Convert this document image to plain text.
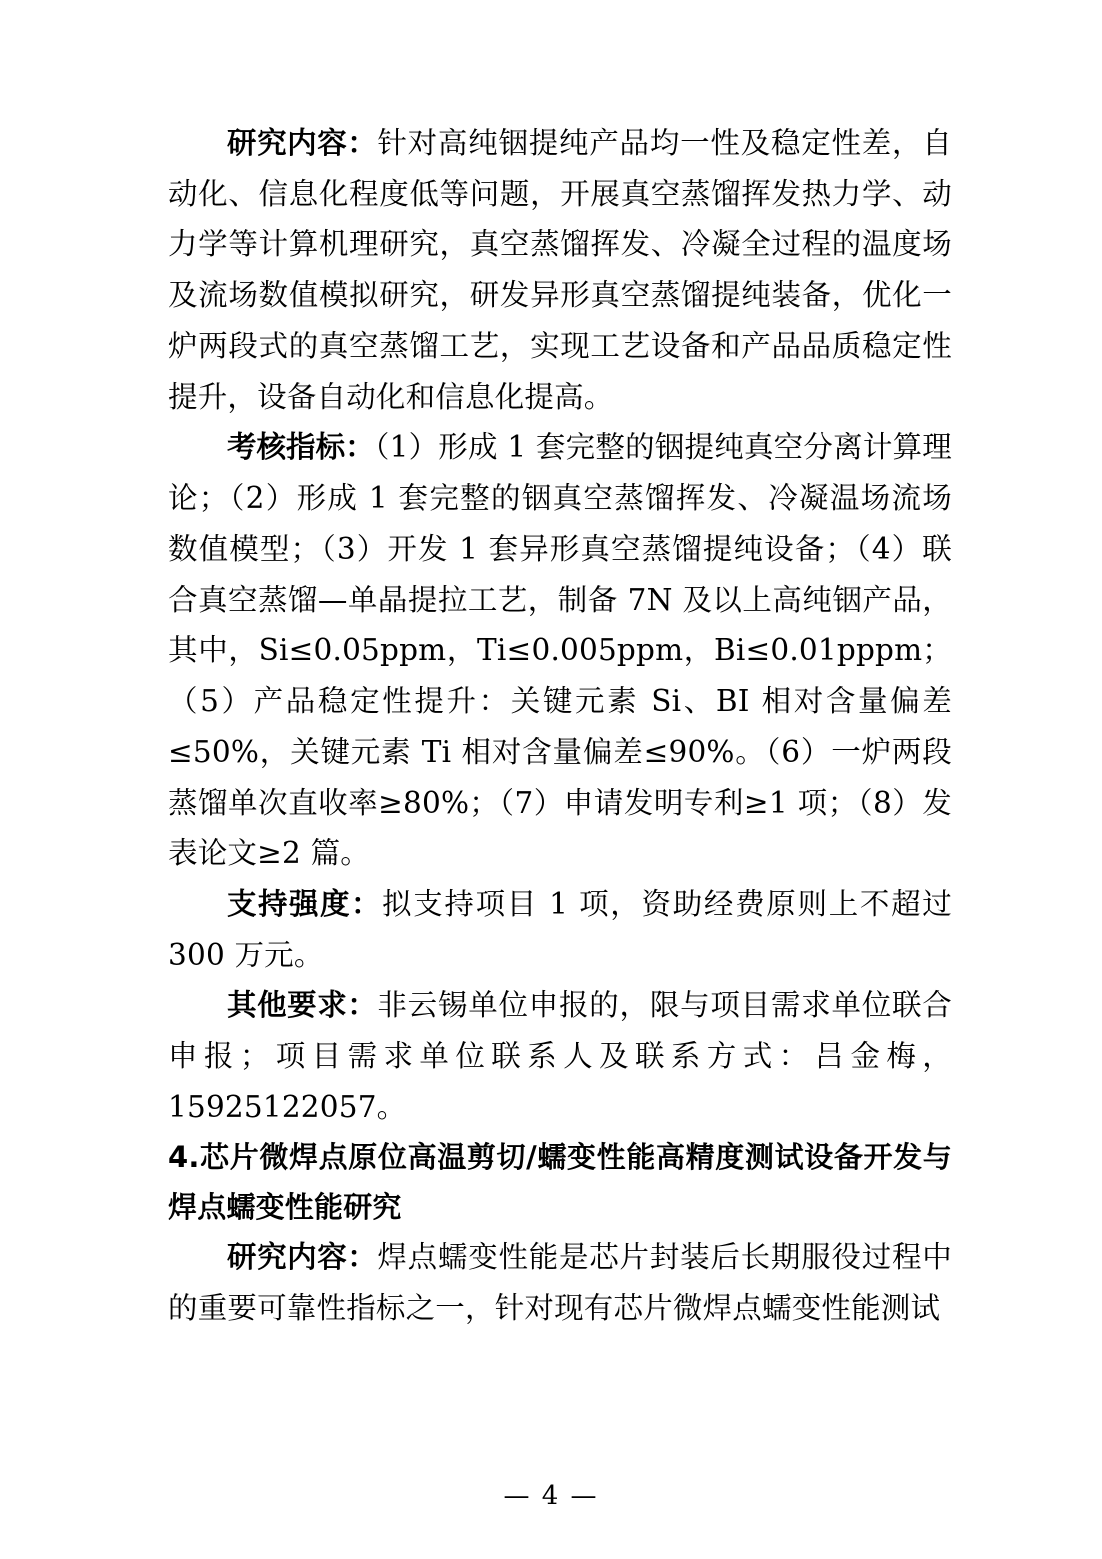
研究内容：针对高纯铟提纯产品均一性及稳定性差，自动化、信息化程度低等问题，开展真空蒸馏挥发热力学、动力学等计算机理研究，真空蒸馏挥发、冷凝全过程的温度场及流场数值模拟研究，研发异形真空蒸馏提纯装备，优化一炉两段式的真空蒸馏工艺，实现工艺设备和产品品质稳定性提升，设备自动化和信息化提高。

考核指标：（1）形成 1 套完整的铟提纯真空分离计算理论；（2）形成 1 套完整的铟真空蒸馏挥发、冷凝温场流场数值模型；（3）开发 1 套异形真空蒸馏提纯设备；（4）联合真空蒸馏—单晶提拉工艺，制备 7N 及以上高纯铟产品，其中，Si≤0.05ppm，Ti≤0.005ppm，Bi≤0.01pppm；（5）产品稳定性提升：关键元素 Si、BI 相对含量偏差≤50%，关键元素 Ti 相对含量偏差≤90%。（6）一炉两段蒸馏单次直收率≥80%；（7）申请发明专利≥1 项；（8）发表论文≥2 篇。

支持强度：拟支持项目 1 项，资助经费原则上不超过 300 万元。

其他要求：非云锡单位申报的，限与项目需求单位联合申报；项目需求单位联系人及联系方式：吕金梅，15925122057。

4.芯片微焊点原位高温剪切/蠕变性能高精度测试设备开发与焊点蠕变性能研究

研究内容：焊点蠕变性能是芯片封装后长期服役过程中的重要可靠性指标之一，针对现有芯片微焊点蠕变性能测试

— 4 —
